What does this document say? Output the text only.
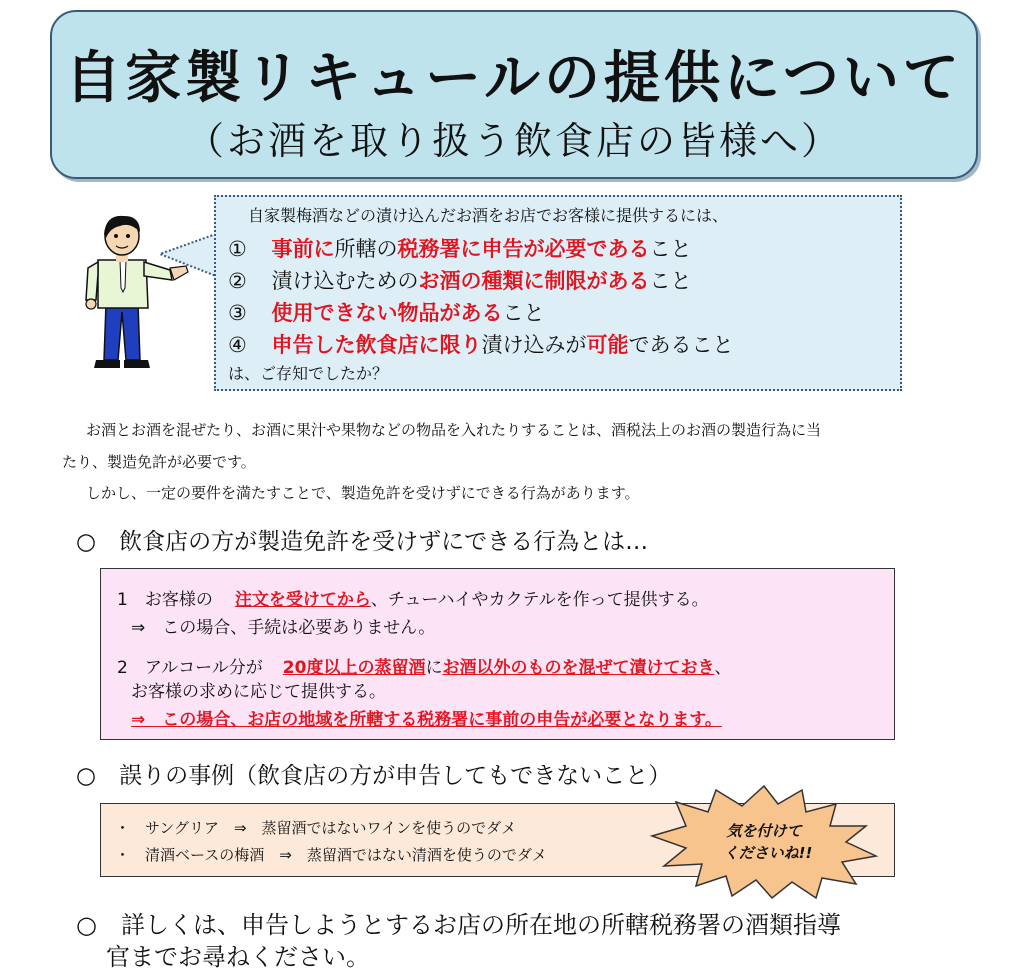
自家製リキュールの提供について
（お酒を取り扱う飲食店の皆様へ）
自家製梅酒などの漬け込んだお酒をお店でお客様に提供するには、
① 事前に所轄の税務署に申告が必要であること
② 漬け込むためのお酒の種類に制限があること
③ 使用できない物品があること
④ 申告した飲食店に限り漬け込みが可能であること
は、ご存知でしたか？
お酒とお酒を混ぜたり、お酒に果汁や果物などの物品を入れたりすることは、酒税法上のお酒の製造行為に当
たり、製造免許が必要です。
しかし、一定の要件を満たすことで、製造免許を受けずにできる行為があります。
○　飲食店の方が製造免許を受けずにできる行為とは…
1　お客様の 注文を受けてから、チューハイやカクテルを作って提供する。
⇒　この場合、手続は必要ありません。
2　アルコール分が 20度以上の蒸留酒にお酒以外のものを混ぜて漬けておき、
お客様の求めに応じて提供する。
⇒　この場合、お店の地域を所轄する税務署に事前の申告が必要となります。
○　誤りの事例（飲食店の方が申告してもできないこと）
・　サングリア　⇒　蒸留酒ではないワインを使うのでダメ
・　清酒ベースの梅酒　⇒　蒸留酒ではない清酒を使うのでダメ
気を付けて
くださいね!!
○　詳しくは、申告しようとするお店の所在地の所轄税務署の酒類指導
官までお尋ねください。
